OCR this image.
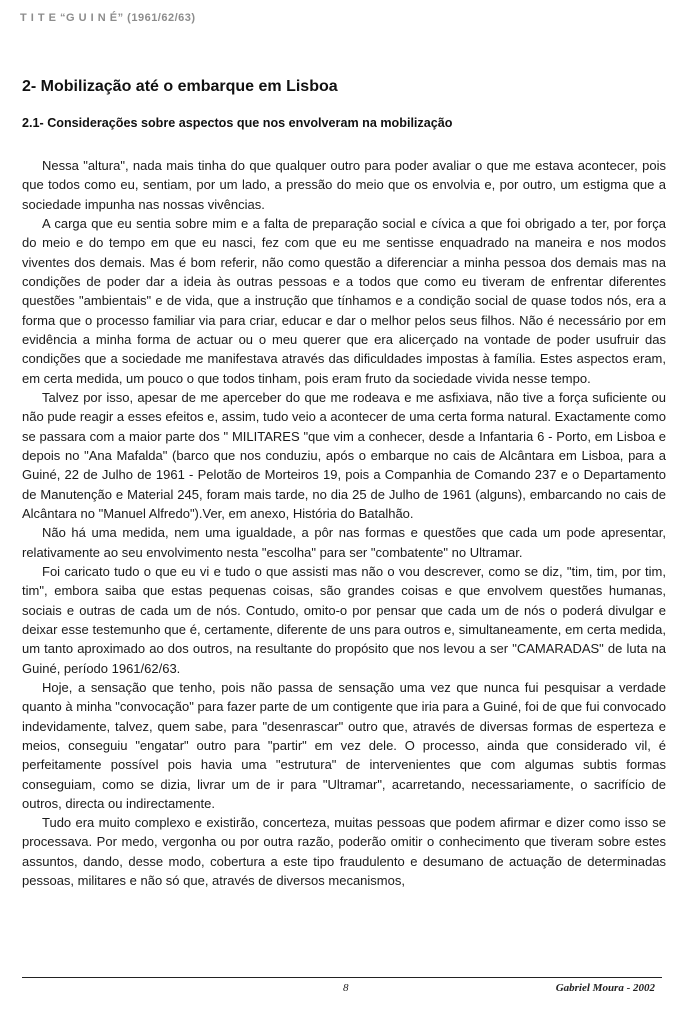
T I T E “G U I N É” (1961/62/63)
2- Mobilização até o embarque em Lisboa
2.1- Considerações sobre aspectos que nos envolveram na mobilização

Nessa "altura", nada mais tinha do que qualquer outro para poder avaliar o que me estava acontecer, pois que todos como eu, sentiam, por um lado, a pressão do meio que os envolvia e, por outro, um estigma que a sociedade impunha nas nossas vivências.

A carga que eu sentia sobre mim e a falta de preparação social e cívica a que foi obrigado a ter, por força do meio e do tempo em que eu nasci, fez com que eu me sentisse enquadrado na maneira e nos modos viventes dos demais. Mas é bom referir, não como questão a diferenciar a minha pessoa dos demais mas na condições de poder dar a ideia às outras pessoas e a todos que como eu tiveram de enfrentar diferentes questões "ambientais" e de vida, que a instrução que tínhamos e a condição social de quase todos nós, era a forma que o processo familiar via para criar, educar e dar o melhor pelos seus filhos. Não é necessário por em evidência a minha forma de actuar ou o meu querer que era alicerçado na vontade de poder usufruir das condições que a sociedade me manifestava através das dificuldades impostas à família. Estes aspectos eram, em certa medida, um pouco o que todos tinham, pois eram fruto da sociedade vivida nesse tempo.

Talvez por isso, apesar de me aperceber do que me rodeava e me asfixiava, não tive a força suficiente ou não pude reagir a esses efeitos e, assim, tudo veio a acontecer de uma certa forma natural. Exactamente como se passara com a maior parte dos " MILITARES "que vim a conhecer, desde a Infantaria 6 - Porto, em Lisboa e depois no "Ana Mafalda" (barco que nos conduziu, após o embarque no cais de Alcântara em Lisboa, para a Guiné, 22 de Julho de 1961 - Pelotão de Morteiros 19, pois a Companhia de Comando 237 e o Departamento de Manutenção e Material 245, foram mais tarde, no dia 25 de Julho de 1961 (alguns), embarcando no cais de Alcântara no "Manuel Alfredo").Ver, em anexo, História do Batalhão.

Não há uma medida, nem uma igualdade, a pôr nas formas e questões que cada um pode apresentar, relativamente ao seu envolvimento nesta "escolha" para ser "combatente" no Ultramar.

Foi caricato tudo o que eu vi e tudo o que assisti mas não o vou descrever, como se diz, "tim, tim, por tim, tim", embora saiba que estas pequenas coisas, são grandes coisas e que envolvem questões humanas, sociais e outras de cada um de nós. Contudo, omito-o por pensar que cada um de nós o poderá divulgar e deixar esse testemunho que é, certamente, diferente de uns para outros e, simultaneamente, em certa medida, um tanto aproximado ao dos outros, na resultante do propósito que nos levou a ser "CAMARADAS" de luta na Guiné, período 1961/62/63.

Hoje, a sensação que tenho, pois não passa de sensação uma vez que nunca fui pesquisar a verdade quanto à minha "convocação" para fazer parte de um contigente que iria para a Guiné, foi de que fui convocado indevidamente, talvez, quem sabe, para "desenrascar" outro que, através de diversas formas de esperteza e meios, conseguiu "engatar" outro para "partir" em vez dele. O processo, ainda que considerado vil, é perfeitamente possível pois havia uma "estrutura" de intervenientes que com algumas subtis formas conseguiam, como se dizia, livrar um de ir para "Ultramar", acarretando, necessariamente, o sacrifício de outros, directa ou indirectamente.

Tudo era muito complexo e existirão, concerteza, muitas pessoas que podem afirmar e dizer como isso se processava. Por medo, vergonha ou por outra razão, poderão omitir o conhecimento que tiveram sobre estes assuntos, dando, desse modo, cobertura a este tipo fraudulento e desumano de actuação de determinadas pessoas, militares e não só que, através de diversos mecanismos,

8	Gabriel Moura - 2002
